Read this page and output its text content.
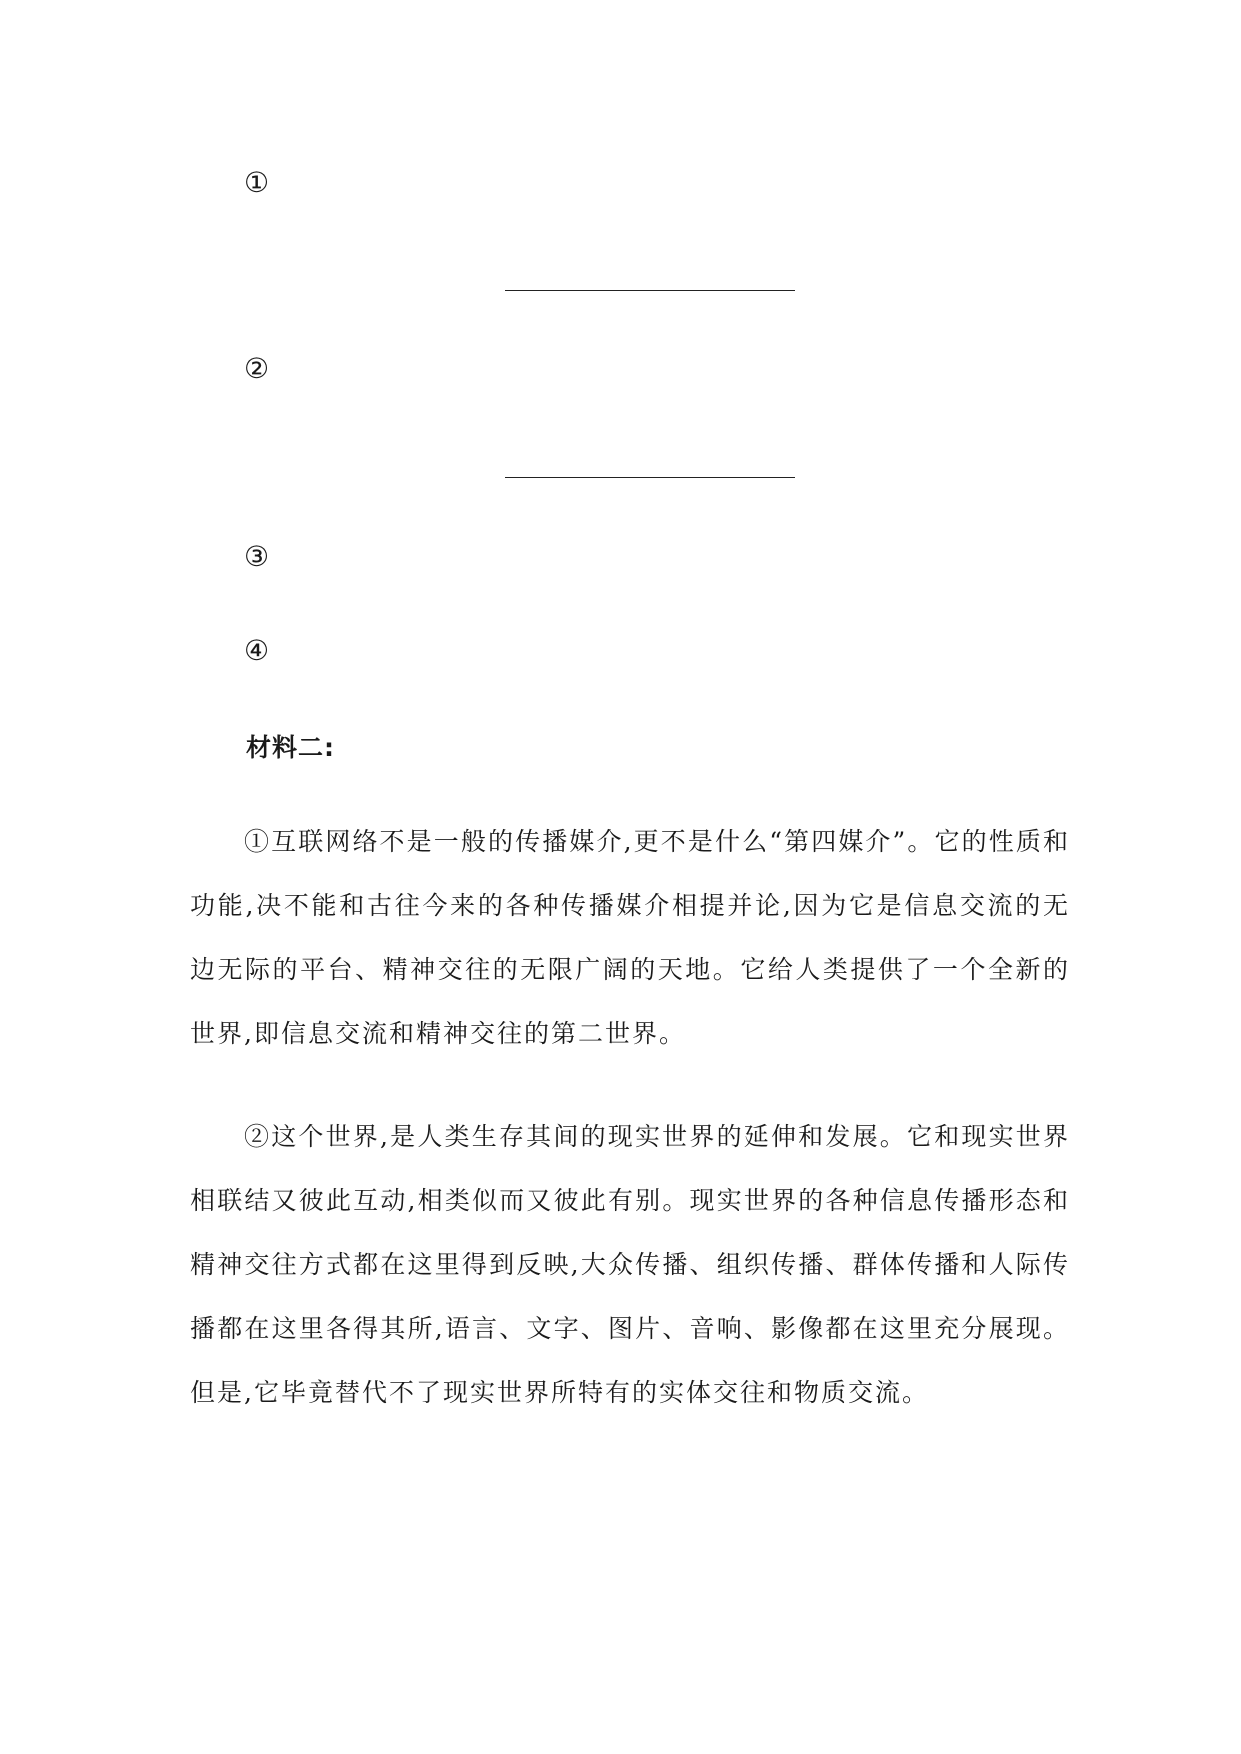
①
②
③
④
材料二:

①互联网络不是一般的传播媒介,更不是什么“第四媒介”。它的性质和功能,决不能和古往今来的各种传播媒介相提并论,因为它是信息交流的无边无际的平台、精神交往的无限广阔的天地。它给人类提供了一个全新的世界,即信息交流和精神交往的第二世界。

②这个世界,是人类生存其间的现实世界的延伸和发展。它和现实世界相联结又彼此互动,相类似而又彼此有别。现实世界的各种信息传播形态和精神交往方式都在这里得到反映,大众传播、组织传播、群体传播和人际传播都在这里各得其所,语言、文字、图片、音响、影像都在这里充分展现。但是,它毕竟替代不了现实世界所特有的实体交往和物质交流。
